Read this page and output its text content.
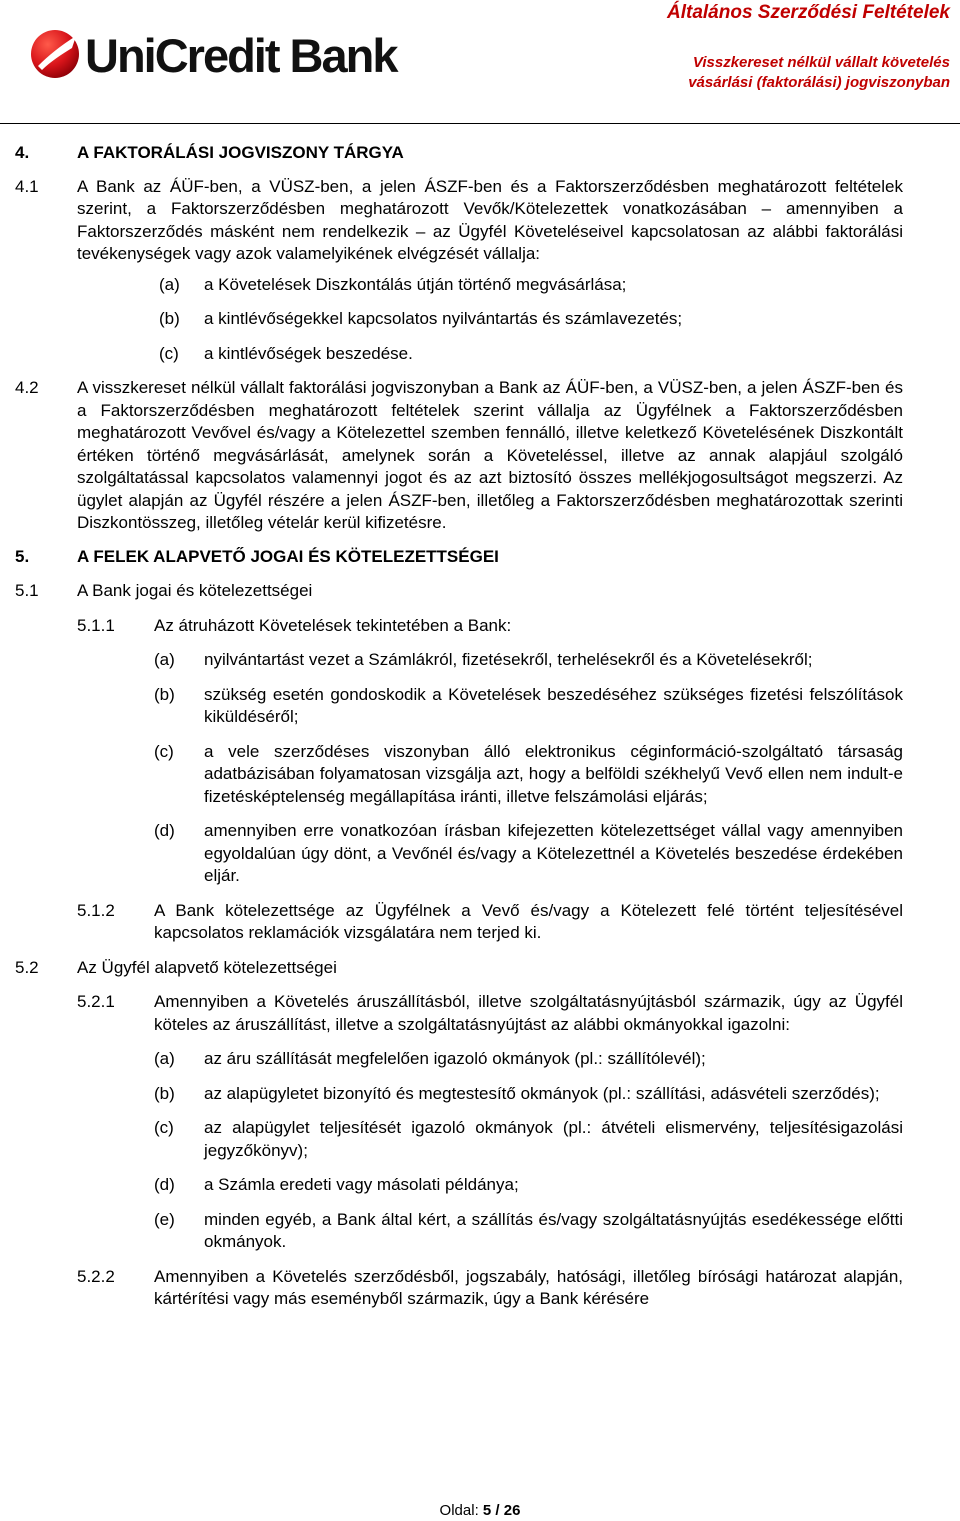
UniCredit Bank
Általános Szerződési Feltételek
Visszkereset nélkül vállalt követelés vásárlási (faktorálási) jogviszonyban
4.	A FAKTORÁLÁSI JOGVISZONY TÁRGYA
4.1 A Bank az ÁÜF-ben, a VÜSZ-ben, a jelen ÁSZF-ben és a Faktorszerződésben meghatározott feltételek szerint, a Faktorszerződésben meghatározott Vevők/Kötelezettek vonatkozásában – amennyiben a Faktorszerződés másként nem rendelkezik – az Ügyfél Követeléseivel kapcsolatosan az alábbi faktorálási tevékenységek vagy azok valamelyikének elvégzését vállalja:
(a) a Követelések Diszkontálás útján történő megvásárlása;
(b) a kintlévőségekkel kapcsolatos nyilvántartás és számlavezetés;
(c) a kintlévőségek beszedése.
4.2 A visszkereset nélkül vállalt faktorálási jogviszonyban a Bank az ÁÜF-ben, a VÜSZ-ben, a jelen ÁSZF-ben és a Faktorszerződésben meghatározott feltételek szerint vállalja az Ügyfélnek a Faktorszerződésben meghatározott Vevővel és/vagy a Kötelezettel szemben fennálló, illetve keletkező Követelésének Diszkontált értéken történő megvásárlását, amelynek során a Követeléssel, illetve az annak alapjául szolgáló szolgáltatással kapcsolatos valamennyi jogot és az azt biztosító összes mellékjogosultságot megszerzi. Az ügylet alapján az Ügyfél részére a jelen ÁSZF-ben, illetőleg a Faktorszerződésben meghatározottak szerinti Diszkontösszeg, illetőleg vételár kerül kifizetésre.
5.	A FELEK ALAPVETŐ JOGAI ÉS KÖTELEZETTSÉGEI
5.1 A Bank jogai és kötelezettségei
5.1.1 Az átruházott Követelések tekintetében a Bank:
(a) nyilvántartást vezet a Számlákról, fizetésekről, terhelésekről és a Követelésekről;
(b) szükség esetén gondoskodik a Követelések beszedéséhez szükséges fizetési felszólítások kiküldéséről;
(c) a vele szerződéses viszonyban álló elektronikus céginformáció-szolgáltató társaság adatbázisában folyamatosan vizsgálja azt, hogy a belföldi székhelyű Vevő ellen nem indult-e fizetésképtelenség megállapítása iránti, illetve felszámolási eljárás;
(d) amennyiben erre vonatkozóan írásban kifejezetten kötelezettséget vállal vagy amennyiben egyoldalúan úgy dönt, a Vevőnél és/vagy a Kötelezettnél a Követelés beszedése érdekében eljár.
5.1.2 A Bank kötelezettsége az Ügyfélnek a Vevő és/vagy a Kötelezett felé történt teljesítésével kapcsolatos reklamációk vizsgálatára nem terjed ki.
5.2 Az Ügyfél alapvető kötelezettségei
5.2.1 Amennyiben a Követelés áruszállításból, illetve szolgáltatásnyújtásból származik, úgy az Ügyfél köteles az áruszállítást, illetve a szolgáltatásnyújtást az alábbi okmányokkal igazolni:
(a) az áru szállítását megfelelően igazoló okmányok (pl.: szállítólevél);
(b) az alapügyletet bizonyító és megtestesítő okmányok (pl.: szállítási, adásvételi szerződés);
(c) az alapügylet teljesítését igazoló okmányok (pl.: átvételi elismervény, teljesítésigazolási jegyzőkönyv);
(d) a Számla eredeti vagy másolati példánya;
(e) minden egyéb, a Bank által kért, a szállítás és/vagy szolgáltatásnyújtás esedékessége előtti okmányok.
5.2.2 Amennyiben a Követelés szerződésből, jogszabály, hatósági, illetőleg bírósági határozat alapján, kártérítési vagy más eseményből származik, úgy a Bank kérésére
Oldal: 5 / 26
